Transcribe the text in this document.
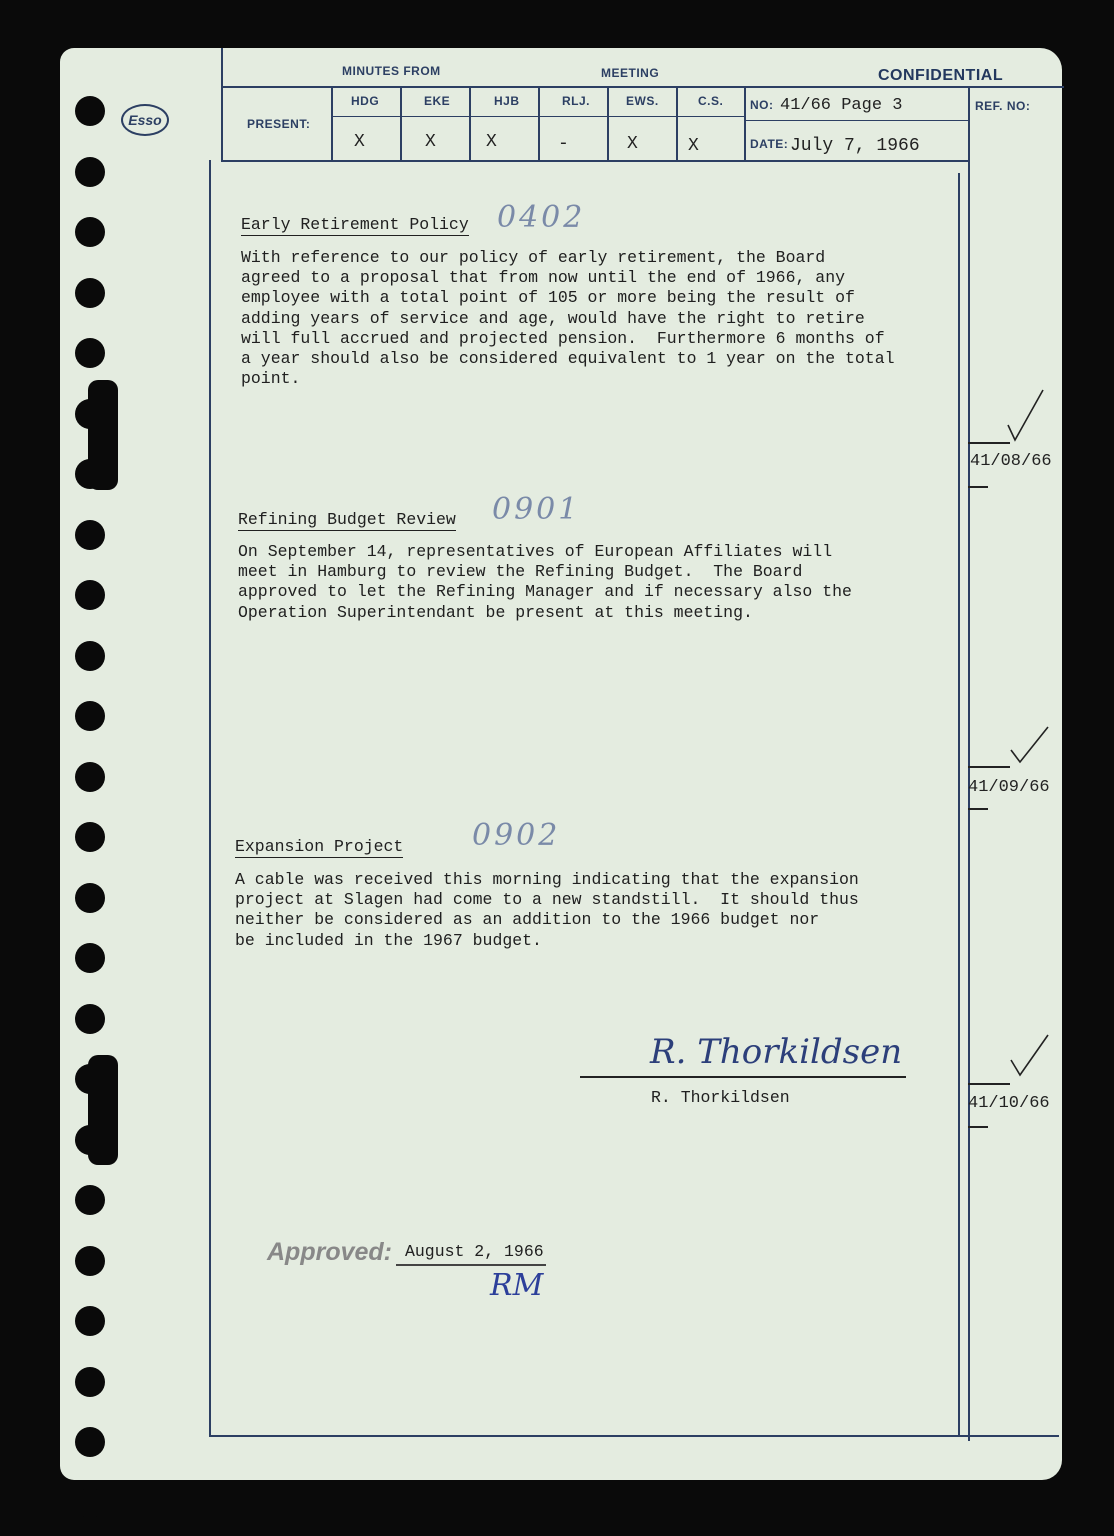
Esso
MINUTES FROM	MEETING	CONFIDENTIAL
PRESENT:
REF. NO:
NO: 41/66 Page 3
DATE: July 7, 1966
HDG	EKE	HJB	RLJ.	EWS.	C.S.
X	X	X	-	X	X
Early Retirement Policy 0402
With reference to our policy of early retirement, the Board
agreed to a proposal that from now until the end of 1966, any
employee with a total point of 105 or more being the result of
adding years of service and age, would have the right to retire
will full accrued and projected pension.  Furthermore 6 months of
a year should also be considered equivalent to 1 year on the total
point.
41/08/66
Refining Budget Review 0901
On September 14, representatives of European Affiliates will
meet in Hamburg to review the Refining Budget.  The Board
approved to let the Refining Manager and if necessary also the
Operation Superintendant be present at this meeting.
41/09/66
Expansion Project 0902
A cable was received this morning indicating that the expansion
project at Slagen had come to a new standstill.  It should thus
neither be considered as an addition to the 1966 budget nor
be included in the 1967 budget.
41/10/66
R. Thorkildsen
R. Thorkildsen
Approved: August 2, 1966
RM
